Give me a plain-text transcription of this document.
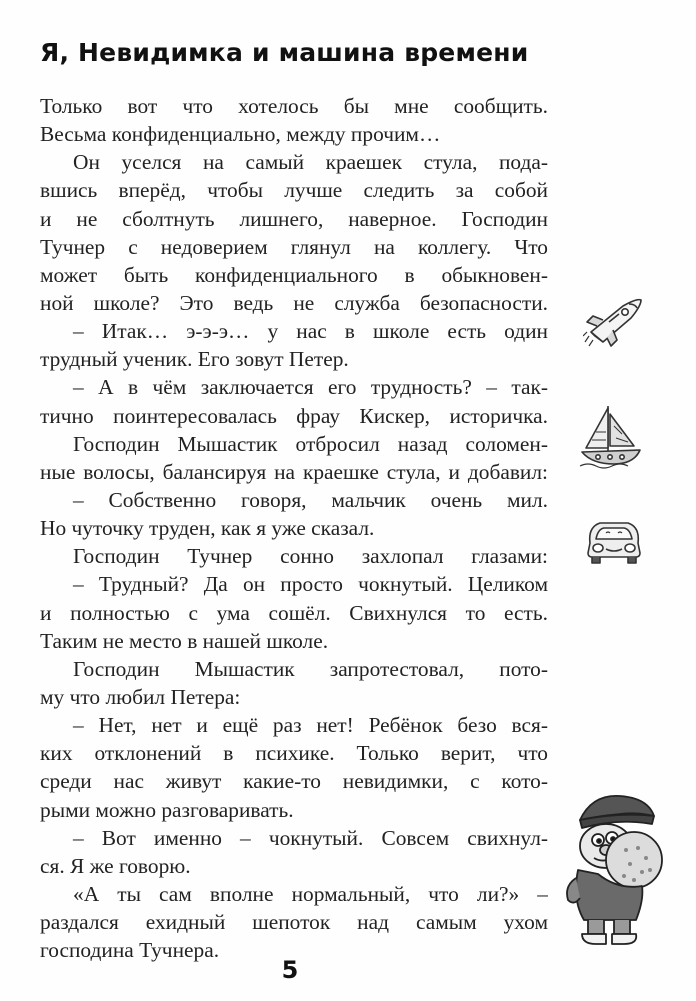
Я, Невидимка и машина времени
Только вот что хотелось бы мне сообщить.
Весьма конфиденциально, между прочим…
Он уселся на самый краешек стула, пода-
вшись вперёд, чтобы лучше следить за собой
и не сболтнуть лишнего, наверное. Господин
Тучнер с недоверием глянул на коллегу. Что
может быть конфиденциального в обыкновен-
ной школе? Это ведь не служба безопасности.
– Итак… э-э-э… у нас в школе есть один
трудный ученик. Его зовут Петер.
– А в чём заключается его трудность? – так-
тично поинтересовалась фрау Кискер, историчка.
Господин Мышастик отбросил назад соломен-
ные волосы, балансируя на краешке стула, и добавил:
– Собственно говоря, мальчик очень мил.
Но чуточку труден, как я уже сказал.
Господин Тучнер сонно захлопал глазами:
– Трудный? Да он просто чокнутый. Целиком
и полностью с ума сошёл. Свихнулся то есть.
Таким не место в нашей школе.
Господин Мышастик запротестовал, пото-
му что любил Петера:
– Нет, нет и ещё раз нет! Ребёнок безо вся-
ких отклонений в психике. Только верит, что
среди нас живут какие-то невидимки, с кото-
рыми можно разговаривать.
– Вот именно – чокнутый. Совсем свихнул-
ся. Я же говорю.
«А ты сам вполне нормальный, что ли?» –
раздался ехидный шепоток над самым ухом
господина Тучнера.
5
